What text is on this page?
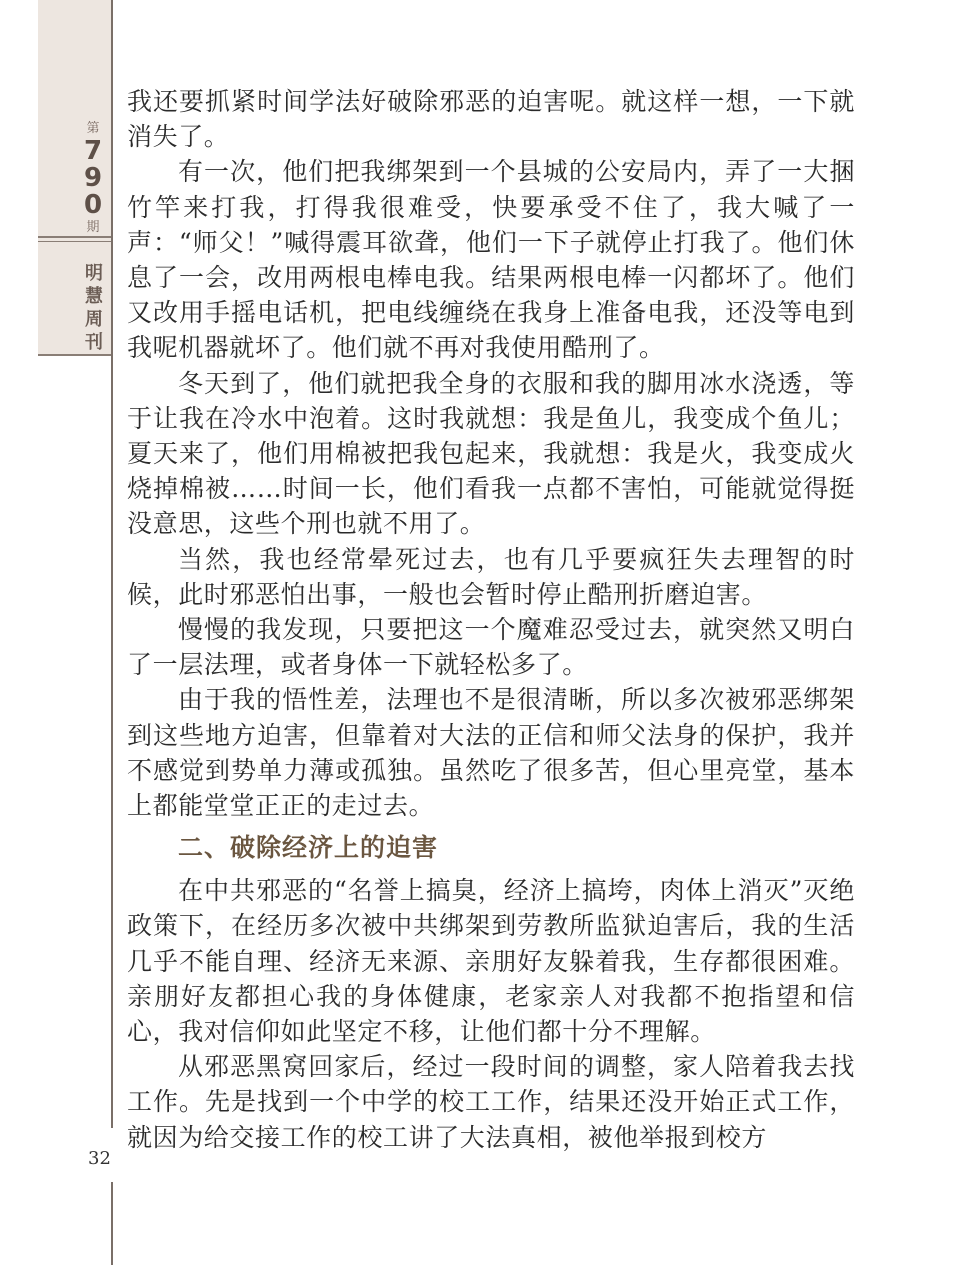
第
7
9
0
期
明
慧
周
刊
32

我还要抓紧时间学法好破除邪恶的迫害呢。就这样一想，一下就消失了。

有一次，他们把我绑架到一个县城的公安局内，弄了一大捆竹竿来打我，打得我很难受，快要承受不住了，我大喊了一声：“师父！”喊得震耳欲聋，他们一下子就停止打我了。他们休息了一会，改用两根电棒电我。结果两根电棒一闪都坏了。他们又改用手摇电话机，把电线缠绕在我身上准备电我，还没等电到我呢机器就坏了。他们就不再对我使用酷刑了。

冬天到了，他们就把我全身的衣服和我的脚用冰水浇透，等于让我在冷水中泡着。这时我就想：我是鱼儿，我变成个鱼儿；夏天来了，他们用棉被把我包起来，我就想：我是火，我变成火烧掉棉被……时间一长，他们看我一点都不害怕，可能就觉得挺没意思，这些个刑也就不用了。

当然，我也经常晕死过去，也有几乎要疯狂失去理智的时候，此时邪恶怕出事，一般也会暂时停止酷刑折磨迫害。

慢慢的我发现，只要把这一个魔难忍受过去，就突然又明白了一层法理，或者身体一下就轻松多了。

由于我的悟性差，法理也不是很清晰，所以多次被邪恶绑架到这些地方迫害，但靠着对大法的正信和师父法身的保护，我并不感觉到势单力薄或孤独。虽然吃了很多苦，但心里亮堂，基本上都能堂堂正正的走过去。

二、破除经济上的迫害

在中共邪恶的“名誉上搞臭，经济上搞垮，肉体上消灭”灭绝政策下，在经历多次被中共绑架到劳教所监狱迫害后，我的生活几乎不能自理、经济无来源、亲朋好友躲着我，生存都很困难。亲朋好友都担心我的身体健康，老家亲人对我都不抱指望和信心，我对信仰如此坚定不移，让他们都十分不理解。

从邪恶黑窝回家后，经过一段时间的调整，家人陪着我去找工作。先是找到一个中学的校工工作，结果还没开始正式工作，就因为给交接工作的校工讲了大法真相，被他举报到校方
